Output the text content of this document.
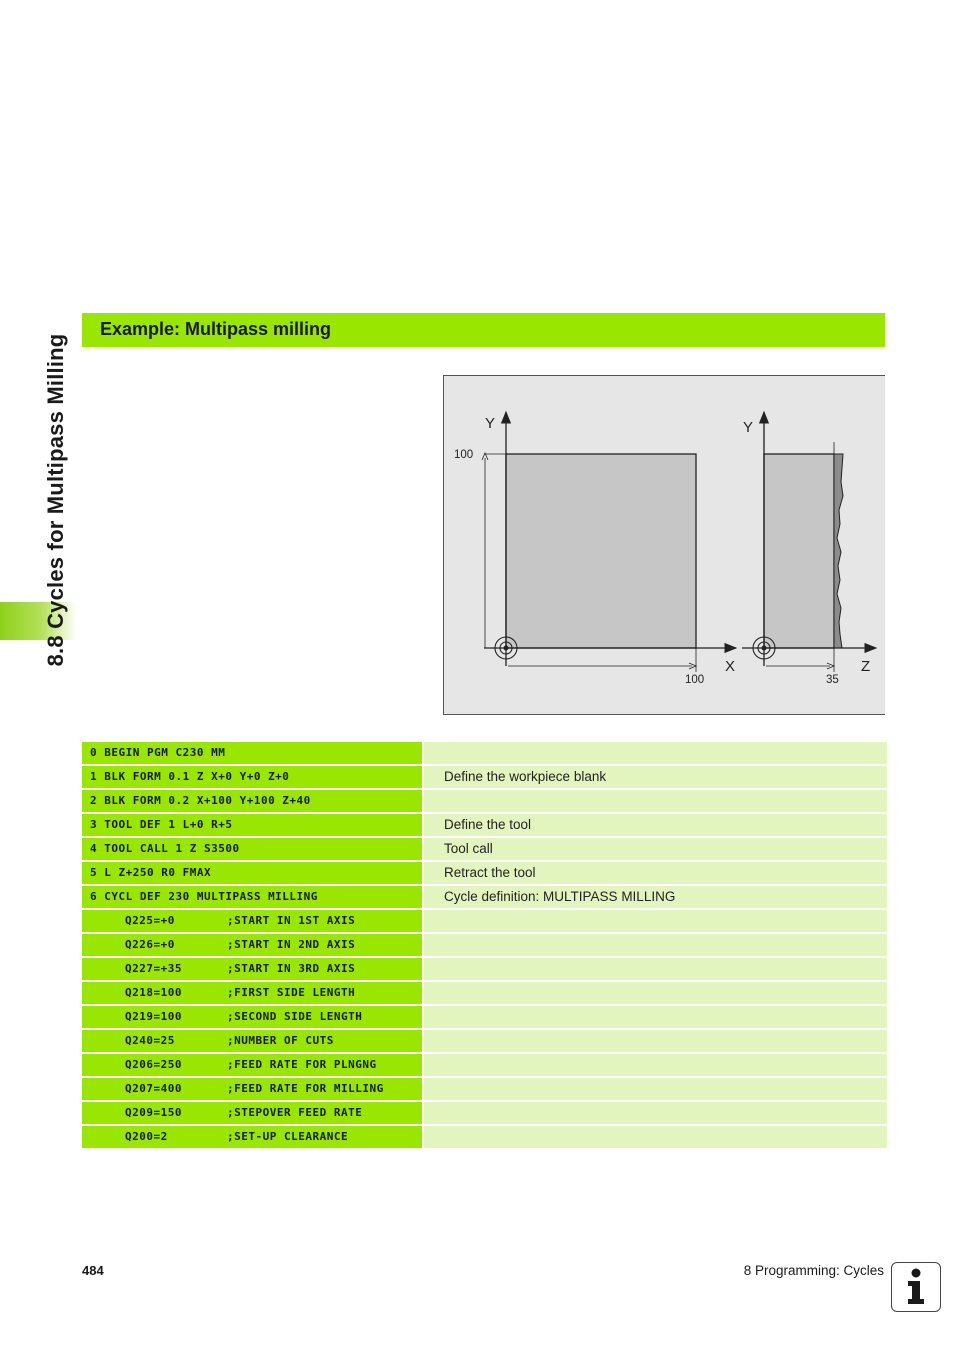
8.8 Cycles for Multipass Milling
Example: Multipass milling
Y
X
100
100
Y
Z
35
0 BEGIN PGM C230 MM
1 BLK FORM 0.1 Z X+0 Y+0 Z+0	Define the workpiece blank
2 BLK FORM 0.2 X+100 Y+100 Z+40
3 TOOL DEF 1 L+0 R+5	Define the tool
4 TOOL CALL 1 Z S3500	Tool call
5 L Z+250 R0 FMAX	Retract the tool
6 CYCL DEF 230 MULTIPASS MILLING	Cycle definition: MULTIPASS MILLING
Q225=+0	;START IN 1ST AXIS
Q226=+0	;START IN 2ND AXIS
Q227=+35	;START IN 3RD AXIS
Q218=100	;FIRST SIDE LENGTH
Q219=100	;SECOND SIDE LENGTH
Q240=25	;NUMBER OF CUTS
Q206=250	;FEED RATE FOR PLNGNG
Q207=400	;FEED RATE FOR MILLING
Q209=150	;STEPOVER FEED RATE
Q200=2	;SET-UP CLEARANCE
484	8 Programming: Cycles
